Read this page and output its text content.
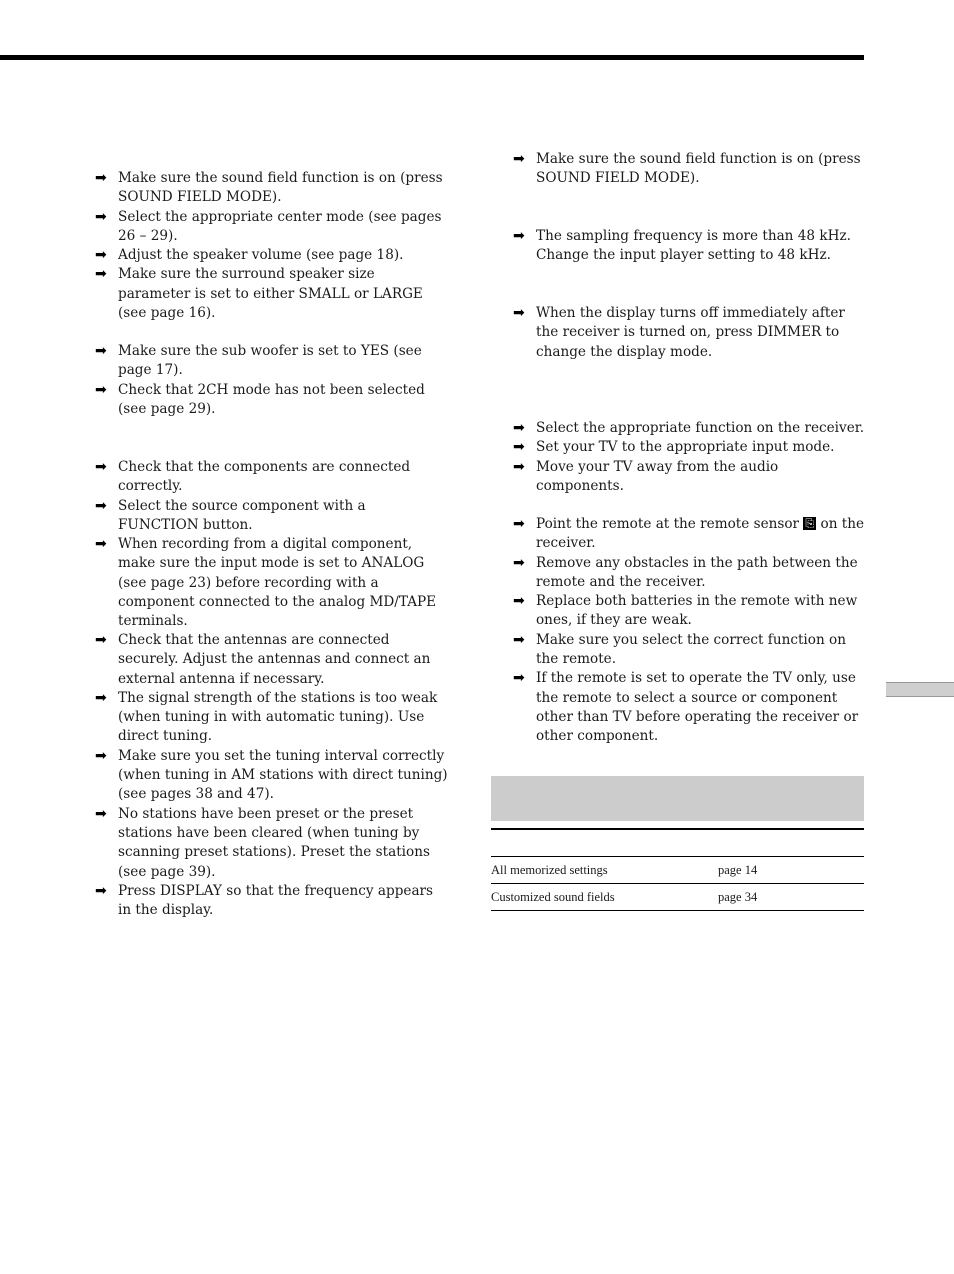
➡ Make sure the sound field function is on (press SOUND FIELD MODE).
➡ Select the appropriate center mode (see pages 26 – 29).
➡ Adjust the speaker volume (see page 18).
➡ Make sure the surround speaker size parameter is set to either SMALL or LARGE (see page 16).
➡ Make sure the sub woofer is set to YES (see page 17).
➡ Check that 2CH mode has not been selected (see page 29).
➡ Check that the components are connected correctly.
➡ Select the source component with a FUNCTION button.
➡ When recording from a digital component, make sure the input mode is set to ANALOG (see page 23) before recording with a component connected to the analog MD/TAPE terminals.
➡ Check that the antennas are connected securely. Adjust the antennas and connect an external antenna if necessary.
➡ The signal strength of the stations is too weak (when tuning in with automatic tuning). Use direct tuning.
➡ Make sure you set the tuning interval correctly (when tuning in AM stations with direct tuning) (see pages 38 and 47).
➡ No stations have been preset or the preset stations have been cleared (when tuning by scanning preset stations). Preset the stations (see page 39).
➡ Press DISPLAY so that the frequency appears in the display.
➡ Make sure the sound field function is on (press SOUND FIELD MODE).
➡ The sampling frequency is more than 48 kHz. Change the input player setting to 48 kHz.
➡ When the display turns off immediately after the receiver is turned on, press DIMMER to change the display mode.
➡ Select the appropriate function on the receiver.
➡ Set your TV to the appropriate input mode.
➡ Move your TV away from the audio components.
➡ Point the remote at the remote sensor ⎘ on the receiver.
➡ Remove any obstacles in the path between the remote and the receiver.
➡ Replace both batteries in the remote with new ones, if they are weak.
➡ Make sure you select the correct function on the remote.
➡ If the remote is set to operate the TV only, use the remote to select a source or component other than TV before operating the receiver or other component.
All memorized settings	page 14
Customized sound fields	page 34
